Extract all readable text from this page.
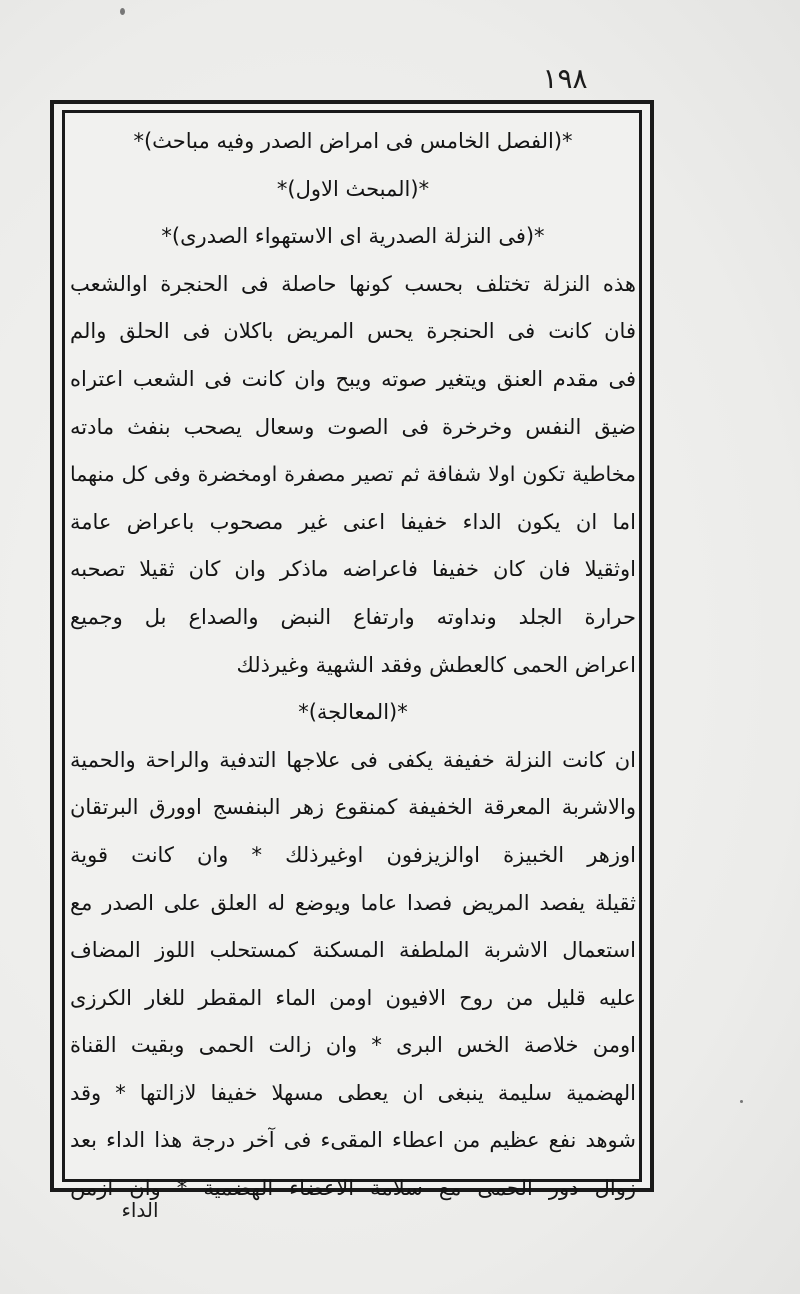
١٩٨
*(الفصل الخامس فى امراض الصدر وفيه مباحث)*
*(المبحث الاول)*
*(فى النزلة الصدرية اى الاستهواء الصدرى)*
هذه النزلة تختلف بحسب كونها حاصلة فى الحنجرة اوالشعب
فان كانت فى الحنجرة يحس المريض باكلان فى الحلق والم
فى مقدم العنق ويتغير صوته ويبح وان كانت فى الشعب اعتراه
ضيق النفس وخرخرة فى الصوت وسعال يصحب بنفث مادته
مخاطية تكون اولا شفافة ثم تصير مصفرة اومخضرة وفى كل منهما
اما ان يكون الداء خفيفا اعنى غير مصحوب باعراض عامة
اوثقيلا فان كان خفيفا فاعراضه ماذكر وان كان ثقيلا تصحبه
حرارة الجلد ونداوته وارتفاع النبض والصداع بل وجميع
اعراض الحمى كالعطش وفقد الشهية وغيرذلك
*(المعالجة)*
ان كانت النزلة خفيفة يكفى فى علاجها التدفية والراحة والحمية
والاشربة المعرقة الخفيفة كمنقوع زهر البنفسج اوورق البرتقان
اوزهر الخبيزة اوالزيزفون اوغيرذلك * وان كانت قوية
ثقيلة يفصد المريض فصدا عاما ويوضع له العلق على الصدر مع
استعمال الاشربة الملطفة المسكنة كمستحلب اللوز المضاف
عليه قليل من روح الافيون اومن الماء المقطر للغار الكرزى
اومن خلاصة الخس البرى * وان زالت الحمى وبقيت القناة
الهضمية سليمة ينبغى ان يعطى مسهلا خفيفا لازالتها * وقد
شوهد نفع عظيم من اعطاء المقىء فى آخر درجة هذا الداء بعد
زوال دور الحمى مع سلامة الاعضاء الهضمية * وان ازمن
الداء
